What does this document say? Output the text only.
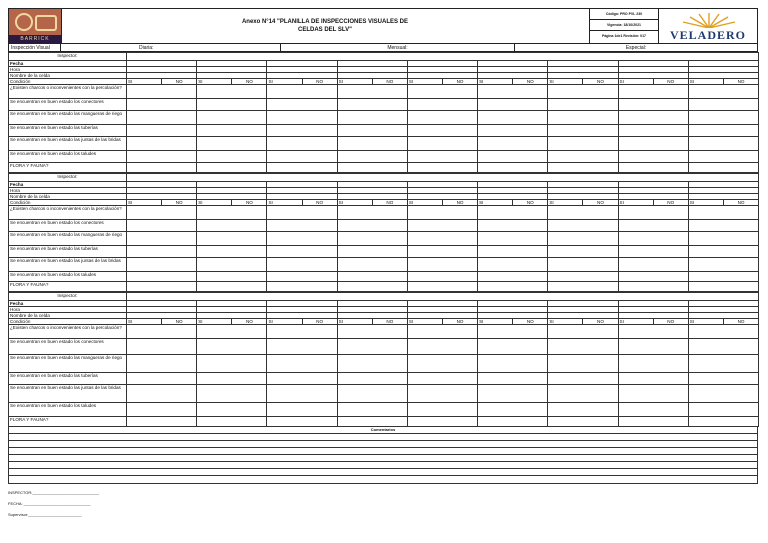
BARRICK
Anexo N°14 "PLANILLA DE INSPECCIONES VISUALES DE
CELDAS DEL SLV"
Código: PRO PVL 230
Vigencia: 18/10/2021
Página 1de1 Revisión: 017	VELADERO
Inspección Visual	Diaria:	Mensual:	Especial:
Inspector:																		
Fecha																		
Hora																		
Nombre de la celda																		
Condición	SI	NO	SI	NO	SI	NO	SI	NO	SI	NO	SI	NO	SI	NO	SI	NO	SI	NO
¿Existen charcos o inconvenientes con la percolación?																		
Se encuentran en buen estado los conectores																		
Se encuentran en buen estado las mangueras de riego																		
Se encuentran en buen estado las tuberías																		
Se encuentran en buen estado las juntas de las bridas																		
Se encuentran en buen estado los taludes																		
FLORA Y FAUNA?																		
Inspector:																		
Fecha																		
Hora																		
Nombre de la celda																		
Condición	SI	NO	SI	NO	SI	NO	SI	NO	SI	NO	SI	NO	SI	NO	SI	NO	SI	NO
¿Existen charcos o inconvenientes con la percolación?																		
Se encuentran en buen estado los conectores																		
Se encuentran en buen estado las mangueras de riego																		
Se encuentran en buen estado las tuberías																		
Se encuentran en buen estado las juntas de las bridas																		
Se encuentran en buen estado los taludes																		
FLORA Y FAUNA?																		
Inspector:																		
Fecha																		
Hora																		
Nombre de la celda																		
Condición	SI	NO	SI	NO	SI	NO	SI	NO	SI	NO	SI	NO	SI	NO	SI	NO	SI	NO
¿Existen charcos o inconvenientes con la percolación?																		
Se encuentran en buen estado los conectores																		
Se encuentran en buen estado las mangueras de riego																		
Se encuentran en buen estado las tuberías																		
Se encuentran en buen estado las juntas de las bridas																		
Se encuentran en buen estado los taludes																		
FLORA Y FAUNA?																		
Comentarios
INSPECTOR:______________________________
FECHA: ______________________________
Supervisor:________________________
